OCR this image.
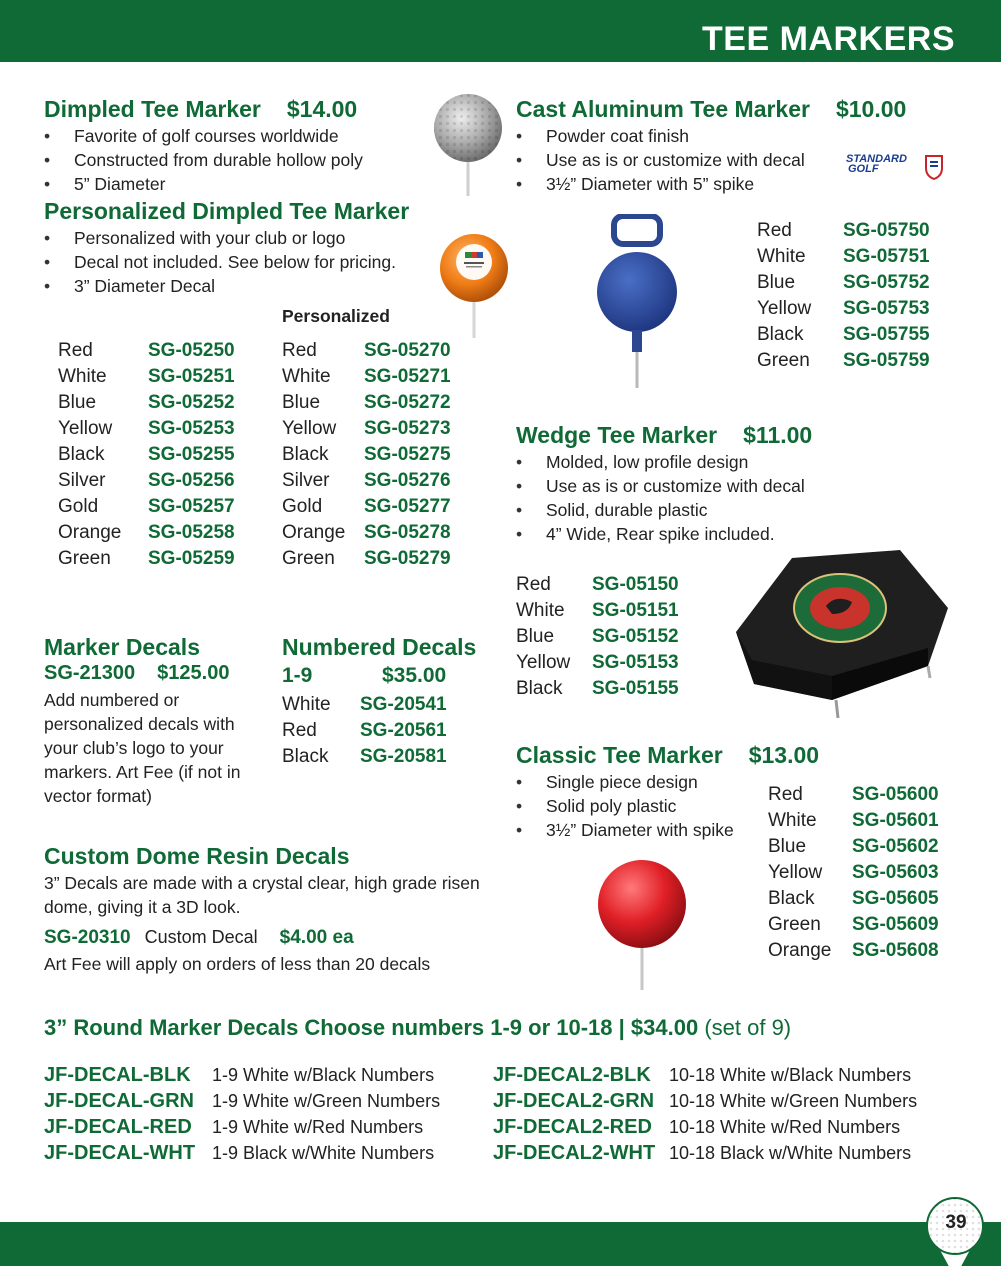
TEE MARKERS
Dimpled Tee Marker $14.00
• Favorite of golf courses worldwide
• Constructed from durable hollow poly
• 5” Diameter
Personalized Dimpled Tee Marker
• Personalized with your club or logo
• Decal not included. See below for pricing.
• 3” Diameter Decal
Personalized
Red	SG-05250
White	SG-05251
Blue	SG-05252
Yellow	SG-05253
Black	SG-05255
Silver	SG-05256
Gold	SG-05257
Orange	SG-05258
Green	SG-05259
Red	SG-05270
White	SG-05271
Blue	SG-05272
Yellow	SG-05273
Black	SG-05275
Silver	SG-05276
Gold	SG-05277
Orange SG-05278
Green	SG-05279
Cast Aluminum Tee Marker $10.00
• Powder coat finish
• Use as is or customize with decal
• 3½” Diameter with 5” spike
STANDARD
GOLF
Red	SG-05750
White	SG-05751
Blue	SG-05752
Yellow	SG-05753
Black	SG-05755
Green	SG-05759
Wedge Tee Marker $11.00
• Molded, low profile design
• Use as is or customize with decal
• Solid, durable plastic
• 4” Wide, Rear spike included.
Red	SG-05150
White	SG-05151
Blue	SG-05152
Yellow	SG-05153
Black	SG-05155
Marker Decals
SG-21300 $125.00
Add numbered or personalized decals with your club’s logo to your markers. Art Fee (if not in vector format)
Numbered Decals
1-9	$35.00
White	SG-20541
Red	SG-20561
Black	SG-20581	Classic Tee Marker $13.00
• Single piece design
• Solid poly plastic
• 3½” Diameter with spike
Red	SG-05600
White	SG-05601
Blue	SG-05602
Yellow	SG-05603
Black	SG-05605
Green	SG-05609
Orange	SG-05608
Custom Dome Resin Decals
3” Decals are made with a crystal clear, high grade risen dome, giving it a 3D look.
SG-20310 Custom Decal $4.00 ea
Art Fee will apply on orders of less than 20 decals
3” Round Marker Decals Choose numbers 1-9 or 10-18 | $34.00 (set of 9)
JF-DECAL-BLK	1-9 White w/Black Numbers
JF-DECAL-GRN	1-9 White w/Green Numbers
JF-DECAL-RED	1-9 White w/Red Numbers
JF-DECAL-WHT 1-9 Black w/White Numbers
JF-DECAL2-BLK	10-18 White w/Black Numbers
JF-DECAL2-GRN 10-18 White w/Green Numbers
JF-DECAL2-RED 10-18 White w/Red Numbers
JF-DECAL2-WHT 10-18 Black w/White Numbers
39
